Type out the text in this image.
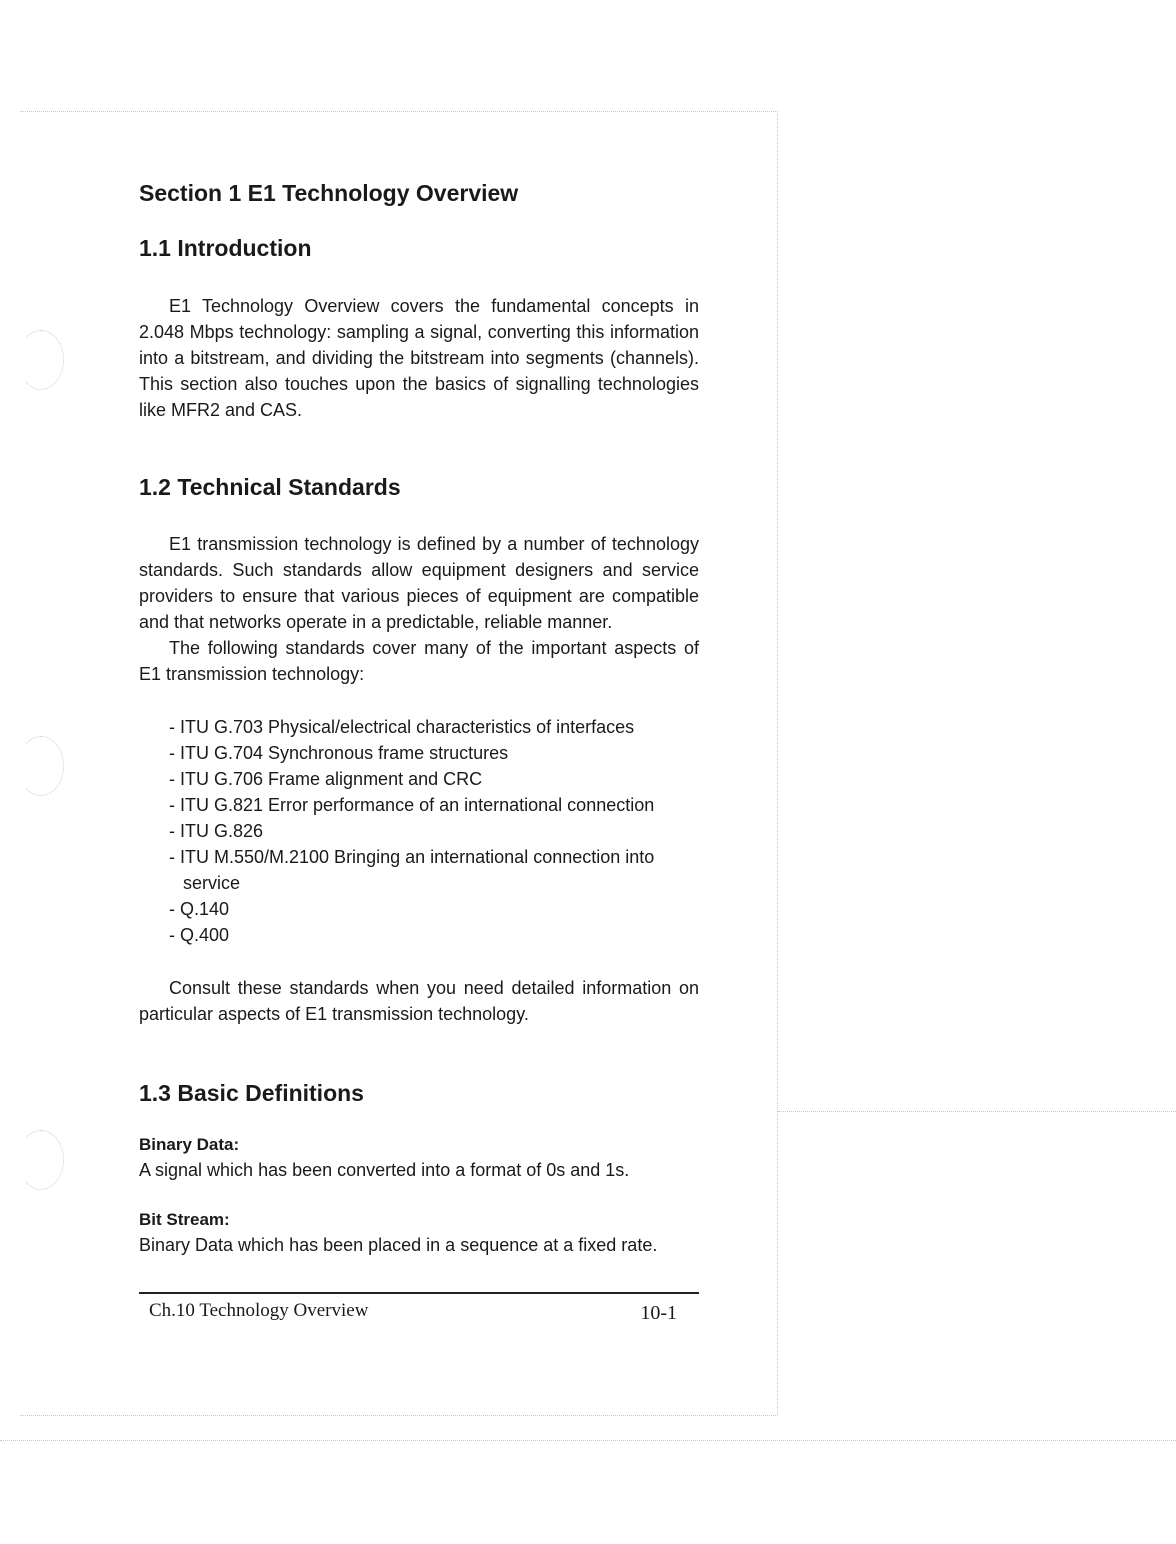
Section 1 E1 Technology Overview
1.1 Introduction

E1 Technology Overview covers the fundamental concepts in 2.048 Mbps technology: sampling a signal, converting this information into a bitstream, and dividing the bitstream into segments (channels). This section also touches upon the basics of signalling technologies like MFR2 and CAS.

1.2 Technical Standards

E1 transmission technology is defined by a number of technology standards. Such standards allow equipment designers and service providers to ensure that various pieces of equipment are compatible and that networks operate in a predictable, reliable manner.

The following standards cover many of the important aspects of E1 transmission technology:

- ITU G.703 Physical/electrical characteristics of interfaces
- ITU G.704 Synchronous frame structures
- ITU G.706 Frame alignment and CRC
- ITU G.821 Error performance of an international connection
- ITU G.826
- ITU M.550/M.2100 Bringing an international connection into service
- Q.140
- Q.400

Consult these standards when you need detailed information on particular aspects of E1 transmission technology.

1.3 Basic Definitions

Binary Data:

A signal which has been converted into a format of 0s and 1s.

Bit Stream:

Binary Data which has been placed in a sequence at a fixed rate.

Ch.10 Technology Overview	10-1
